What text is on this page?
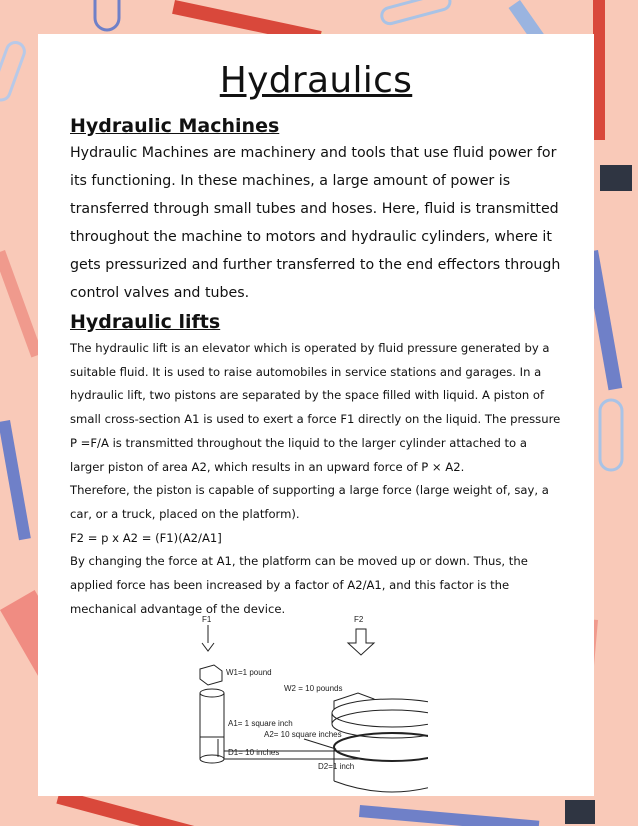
Hydraulics
Hydraulic Machines

Hydraulic Machines are machinery and tools that use fluid power for its functioning. In these machines, a large amount of power is transferred through small tubes and hoses. Here, fluid is transmitted throughout the machine to motors and hydraulic cylinders, where it gets pressurized and further transferred to the end effectors through control valves and tubes.

Hydraulic lifts

The hydraulic lift is an elevator which is operated by fluid pressure generated by a suitable fluid. It is used to raise automobiles in service stations and garages. In a hydraulic lift, two pistons are separated by the space filled with liquid. A piston of small cross-section A1 is used to exert a force F1 directly on the liquid. The pressure P =F/A is transmitted throughout the liquid to the larger cylinder attached to a larger piston of area A2, which results in an upward force of P × A2.

Therefore, the piston is capable of supporting a large force (large weight of, say, a car, or a truck, placed on the platform).

F2 = p x A2 = (F1)(A2/A1]

By changing the force at A1, the platform can be moved up or down. Thus, the applied force has been increased by a factor of A2/A1, and this factor is the mechanical advantage of the device.

F1	F2
W1=1 pound
D1= 10 inches
W2 = 10 pounds
A1= 1 square inch
A2= 10 square inches
D2=1 inch
